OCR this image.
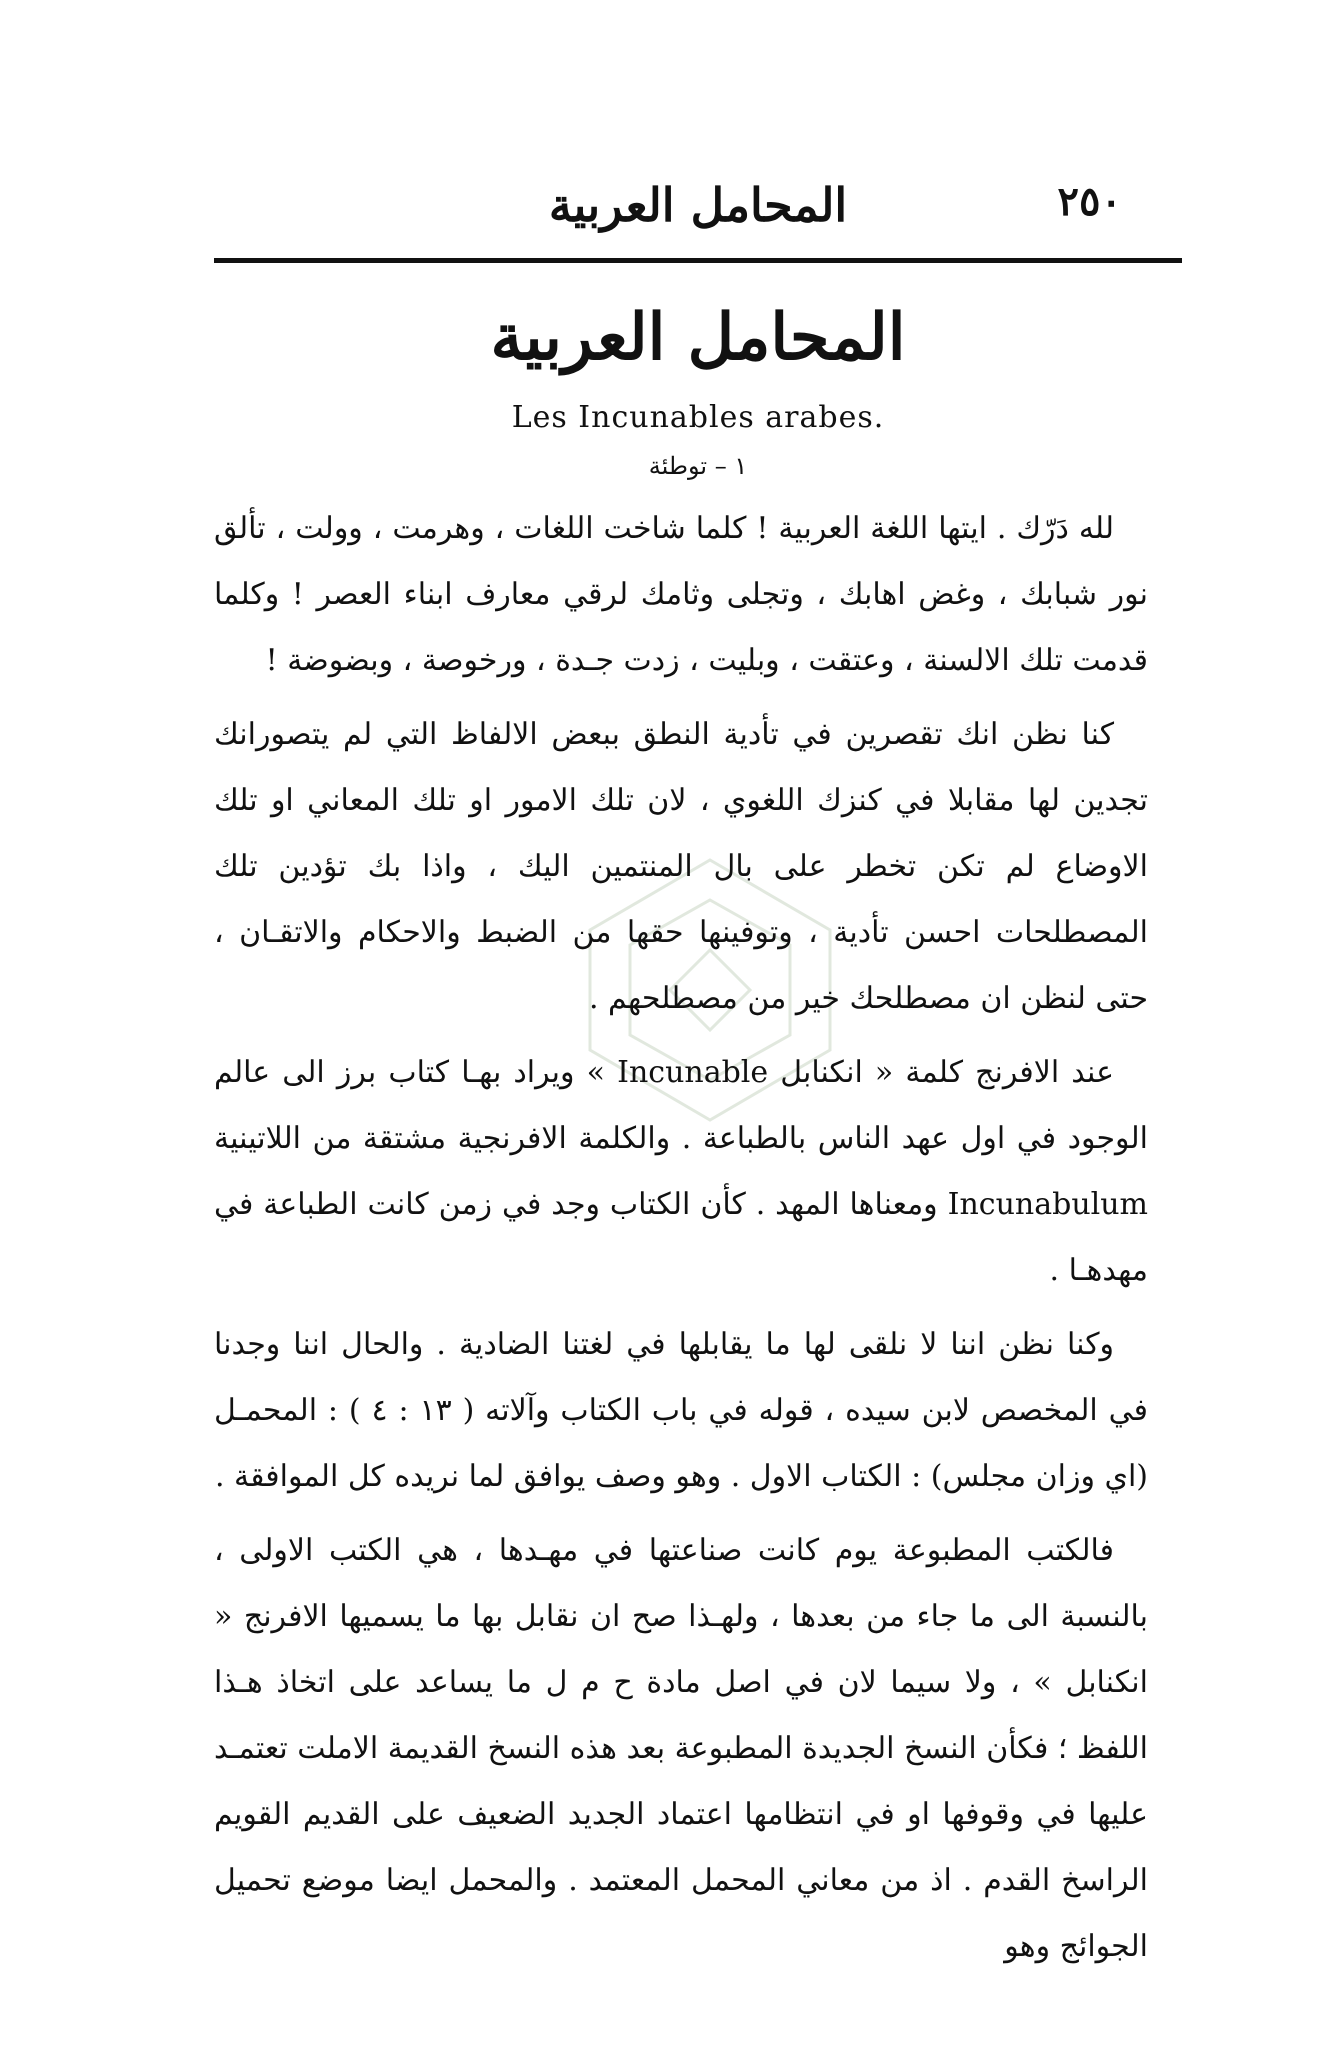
٢٥٠
المحامل العربية
المحامل العربية
Les Incunables arabes.
١ – توطئة

لله دَرّك . ايتها اللغة العربية ! كلما شاخت اللغات ، وهرمت ، وولت ، تألق نور شبابك ، وغض اهابك ، وتجلى وثامك لرقي معارف ابناء العصر ! وكلما قدمت تلك الالسنة ، وعتقت ، وبليت ، زدت جـدة ، ورخوصة ، وبضوضة !

كنا نظن انك تقصرين في تأدية النطق ببعض الالفاظ التي لم يتصورانك تجدين لها مقابلا في كنزك اللغوي ، لان تلك الامور او تلك المعاني او تلك الاوضاع لم تكن تخطر على بال المنتمين اليك ، واذا بك تؤدين تلك المصطلحات احسن تأدية ، وتوفينها حقها من الضبط والاحكام والاتقـان ، حتى لنظن ان مصطلحك خير من مصطلحهم .

عند الافرنج كلمة « انكنابل Incunable » ويراد بهـا كتاب برز الى عالم الوجود في اول عهد الناس بالطباعة . والكلمة الافرنجية مشتقة من اللاتينية Incunabulum ومعناها المهد . كأن الكتاب وجد في زمن كانت الطباعة في مهدهـا .

وكنا نظن اننا لا نلقى لها ما يقابلها في لغتنا الضادية . والحال اننا وجدنا في المخصص لابن سيده ، قوله في باب الكتاب وآلاته ( ١٣ : ٤ ) : المحمـل (اي وزان مجلس) : الكتاب الاول . وهو وصف يوافق لما نريده كل الموافقة .

فالكتب المطبوعة يوم كانت صناعتها في مهـدها ، هي الكتب الاولى ، بالنسبة الى ما جاء من بعدها ، ولهـذا صح ان نقابل بها ما يسميها الافرنج « انكنابل » ، ولا سيما لان في اصل مادة ح م ل ما يساعد على اتخاذ هـذا اللفظ ؛ فكأن النسخ الجديدة المطبوعة بعد هذه النسخ القديمة الاملت تعتمـد عليها في وقوفها او في انتظامها اعتماد الجديد الضعيف على القديم القويم الراسخ القدم . اذ من معاني المحمل المعتمد . والمحمل ايضا موضع تحميل الجوائج وهو
